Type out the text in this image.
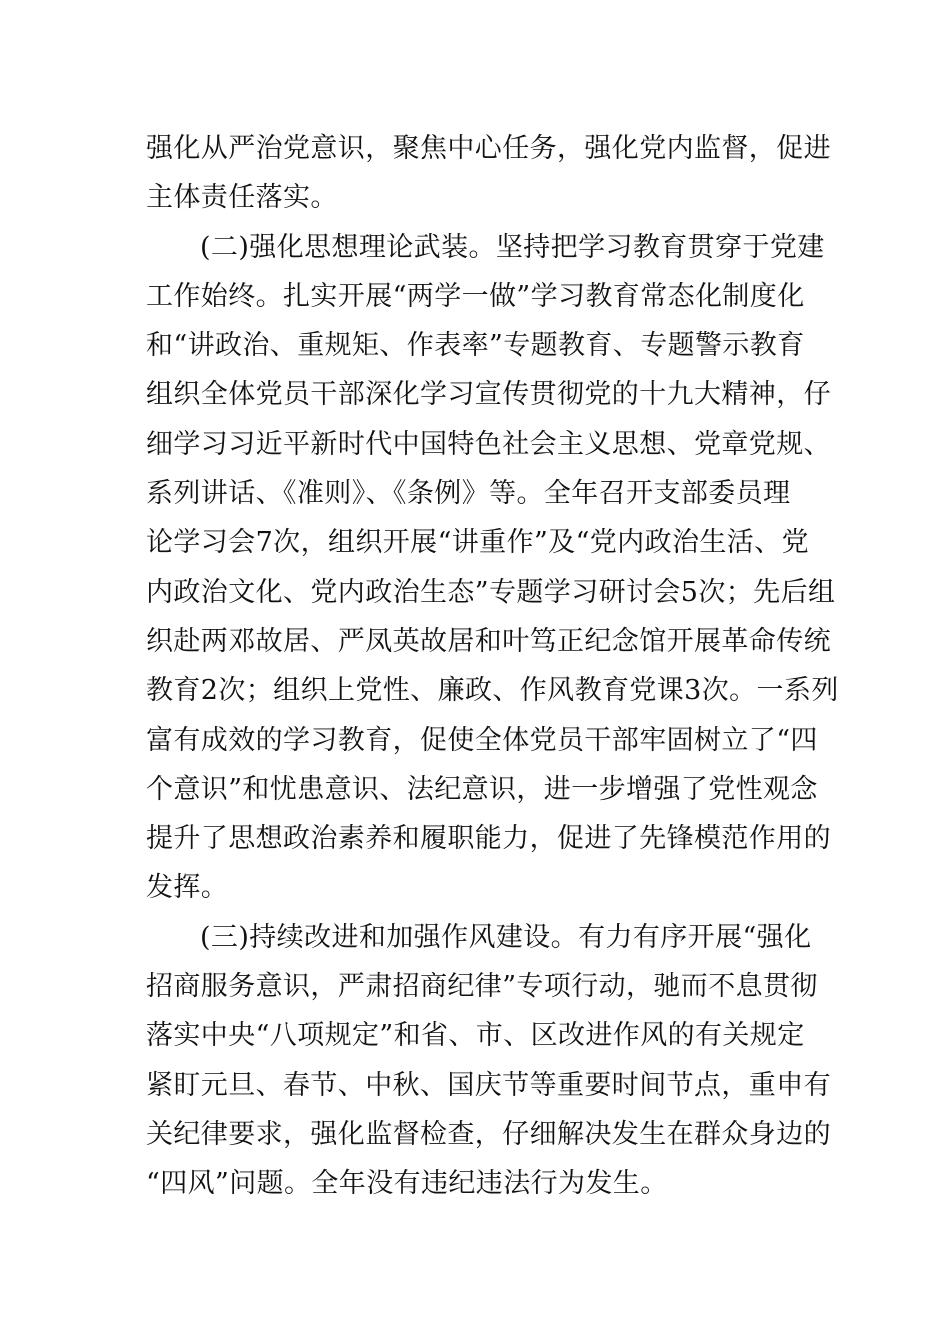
强化从严治党意识，聚焦中心任务，强化党内监督，促进
主体责任落实。
(二)强化思想理论武装。坚持把学习教育贯穿于党建
工作始终。扎实开展“两学一做”学习教育常态化制度化
和“讲政治、重规矩、作表率”专题教育、专题警示教育
组织全体党员干部深化学习宣传贯彻党的十九大精神，仔
细学习习近平新时代中国特色社会主义思想、党章党规、
系列讲话、《准则》、《条例》等。全年召开支部委员理
论学习会7次，组织开展“讲重作”及“党内政治生活、党
内政治文化、党内政治生态”专题学习研讨会5次；先后组
织赴两邓故居、严凤英故居和叶笃正纪念馆开展革命传统
教育2次；组织上党性、廉政、作风教育党课3次。一系列
富有成效的学习教育，促使全体党员干部牢固树立了“四
个意识”和忧患意识、法纪意识，进一步增强了党性观念
提升了思想政治素养和履职能力，促进了先锋模范作用的
发挥。
(三)持续改进和加强作风建设。有力有序开展“强化
招商服务意识，严肃招商纪律”专项行动，驰而不息贯彻
落实中央“八项规定”和省、市、区改进作风的有关规定
紧盯元旦、春节、中秋、国庆节等重要时间节点，重申有
关纪律要求，强化监督检查，仔细解决发生在群众身边的
“四风”问题。全年没有违纪违法行为发生。
